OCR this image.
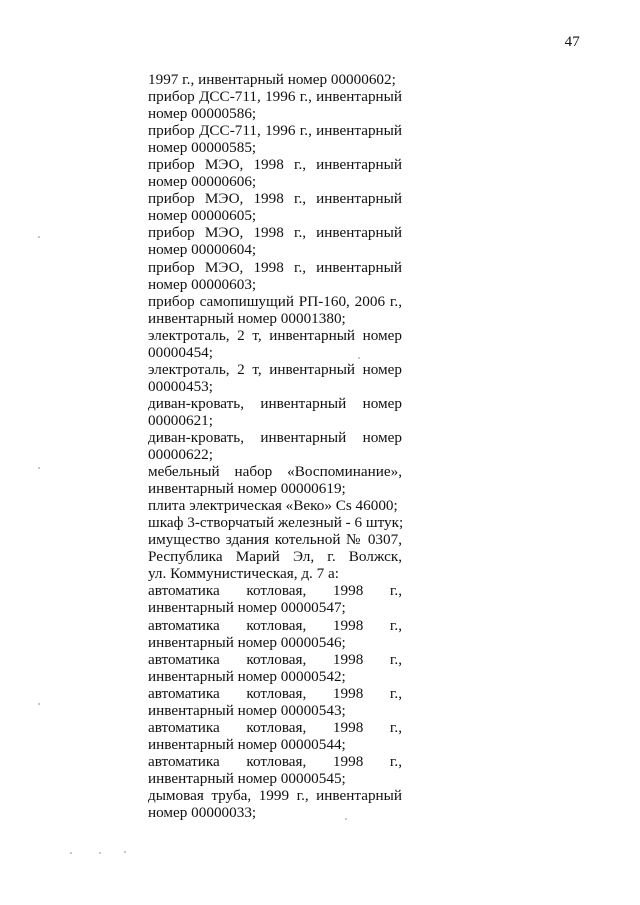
47
1997 г., инвентарный номер 00000602;
прибор ДСС-711, 1996 г., инвентарный
номер 00000586;
прибор ДСС-711, 1996 г., инвентарный
номер 00000585;
прибор МЭО, 1998 г., инвентарный
номер 00000606;
прибор МЭО, 1998 г., инвентарный
номер 00000605;
прибор МЭО, 1998 г., инвентарный
номер 00000604;
прибор МЭО, 1998 г., инвентарный
номер 00000603;
прибор самопишущий РП-160, 2006 г.,
инвентарный номер 00001380;
электроталь, 2 т, инвентарный номер
00000454;
электроталь, 2 т, инвентарный номер
00000453;
диван-кровать, инвентарный номер
00000621;
диван-кровать, инвентарный номер
00000622;
мебельный набор «Воспоминание»,
инвентарный номер 00000619;
плита электрическая «Веко» Cs 46000;
шкаф 3-створчатый железный - 6 штук;
имущество здания котельной № 0307,
Республика Марий Эл, г. Волжск,
ул. Коммунистическая, д. 7 а:
автоматика котловая, 1998 г.,
инвентарный номер 00000547;
автоматика котловая, 1998 г.,
инвентарный номер 00000546;
автоматика котловая, 1998 г.,
инвентарный номер 00000542;
автоматика котловая, 1998 г.,
инвентарный номер 00000543;
автоматика котловая, 1998 г.,
инвентарный номер 00000544;
автоматика котловая, 1998 г.,
инвентарный номер 00000545;
дымовая труба, 1999 г., инвентарный
номер 00000033;
